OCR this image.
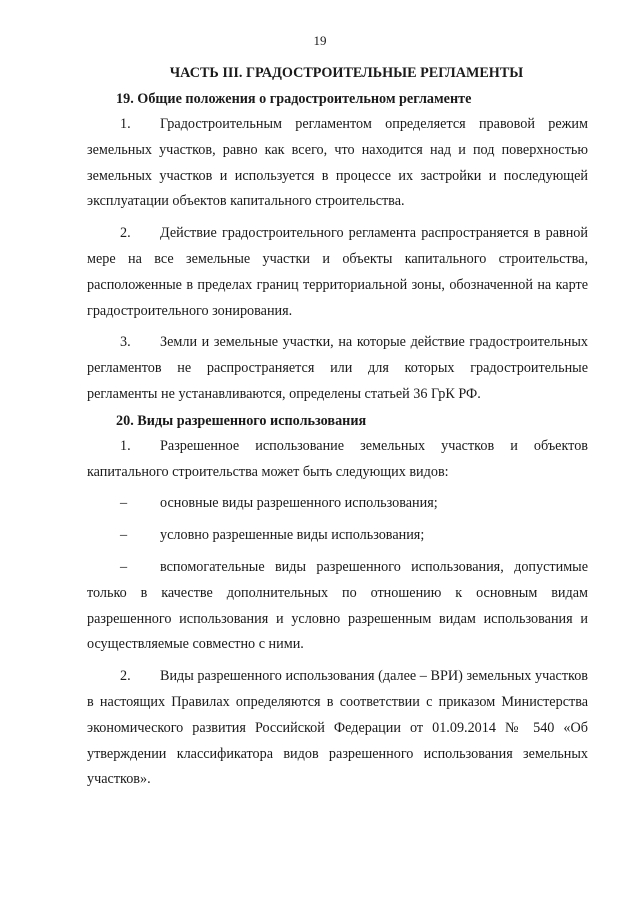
19

ЧАСТЬ III. ГРАДОСТРОИТЕЛЬНЫЕ РЕГЛАМЕНТЫ

19. Общие положения о градостроительном регламенте

1. Градостроительным регламентом определяется правовой режим земельных участков, равно как всего, что находится над и под поверхностью земельных участков и используется в процессе их застройки и последующей эксплуатации объектов капитального строительства.

2. Действие градостроительного регламента распространяется в равной мере на все земельные участки и объекты капитального строительства, расположенные в пределах границ территориальной зоны, обозначенной на карте градостроительного зонирования.

3. Земли и земельные участки, на которые действие градостроительных регламентов не распространяется или для которых градостроительные регламенты не устанавливаются, определены статьей 36 ГрК РФ.

20. Виды разрешенного использования

1. Разрешенное использование земельных участков и объектов капитального строительства может быть следующих видов:

– основные виды разрешенного использования;

– условно разрешенные виды использования;

– вспомогательные виды разрешенного использования, допустимые только в качестве дополнительных по отношению к основным видам разрешенного использования и условно разрешенным видам использования и осуществляемые совместно с ними.

2. Виды разрешенного использования (далее – ВРИ) земельных участков в настоящих Правилах определяются в соответствии с приказом Министерства экономического развития Российской Федерации от 01.09.2014 № 540 «Об утверждении классификатора видов разрешенного использования земельных участков».
